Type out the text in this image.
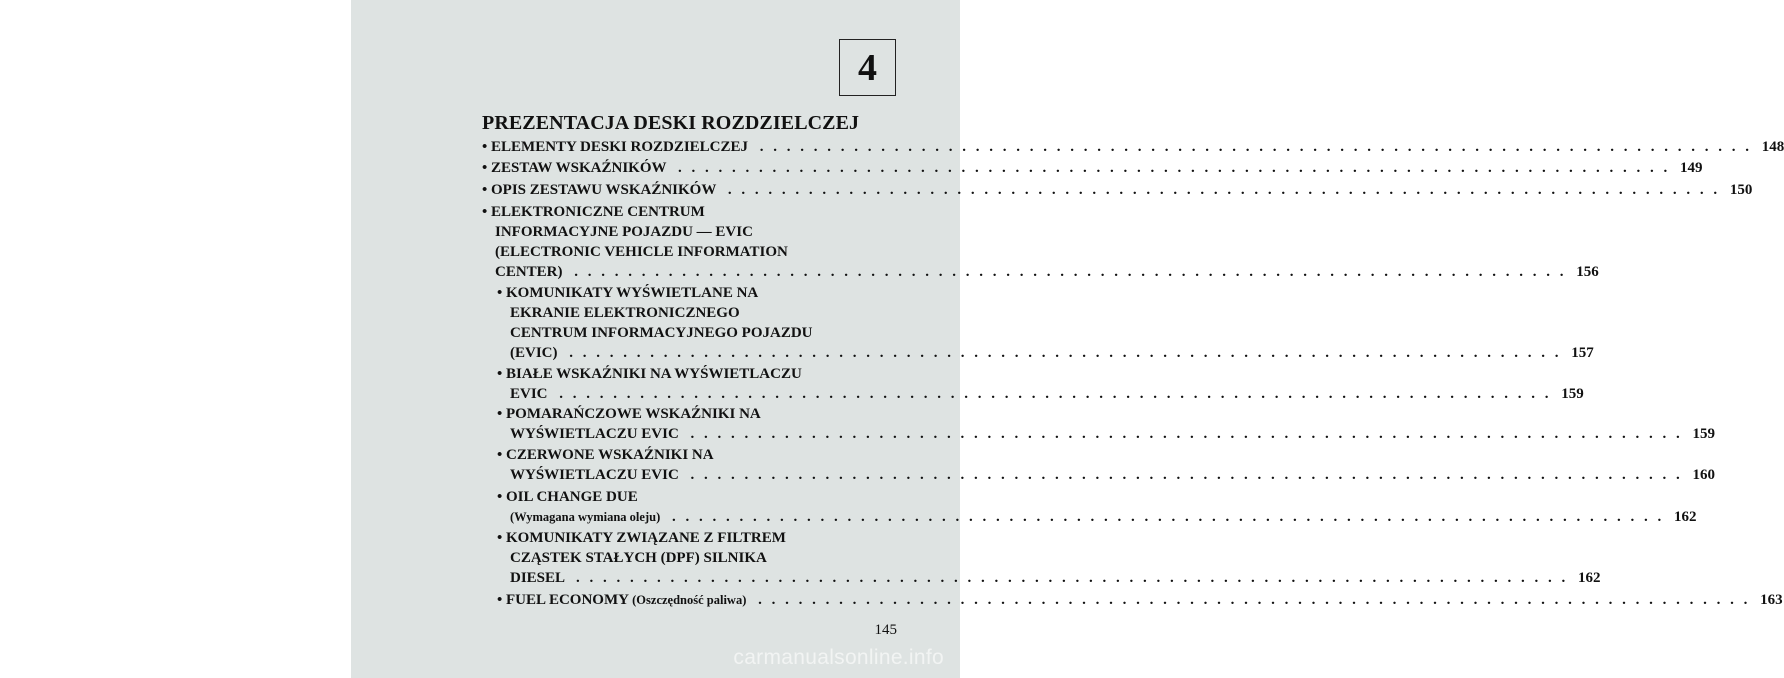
4
PREZENTACJA DESKI ROZDZIELCZEJ
• ELEMENTY DESKI ROZDZIELCZEJ . . . . . . . . . . . . . . . . . . . . . . . . . . . . . . . . . . . . . . . . . . . . . . . . . . . . . . . . . . . . . . . . . . . . . . . . . . 148
• ZESTAW WSKAŹNIKÓW . . . . . . . . . . . . . . . . . . . . . . . . . . . . . . . . . . . . . . . . . . . . . . . . . . . . . . . . . . . . . . . . . . . . . . . . . . 149
• OPIS ZESTAWU WSKAŹNIKÓW . . . . . . . . . . . . . . . . . . . . . . . . . . . . . . . . . . . . . . . . . . . . . . . . . . . . . . . . . . . . . . . . . . . . . . . . . . 150
• ELEKTRONICZNE CENTRUM
INFORMACYJNE POJAZDU — EVIC
(ELECTRONIC VEHICLE INFORMATION
CENTER) . . . . . . . . . . . . . . . . . . . . . . . . . . . . . . . . . . . . . . . . . . . . . . . . . . . . . . . . . . . . . . . . . . . . . . . . . . 156
• KOMUNIKATY WYŚWIETLANE NA
EKRANIE ELEKTRONICZNEGO
CENTRUM INFORMACYJNEGO POJAZDU
(EVIC) . . . . . . . . . . . . . . . . . . . . . . . . . . . . . . . . . . . . . . . . . . . . . . . . . . . . . . . . . . . . . . . . . . . . . . . . . . 157
• BIAŁE WSKAŹNIKI NA WYŚWIETLACZU
EVIC . . . . . . . . . . . . . . . . . . . . . . . . . . . . . . . . . . . . . . . . . . . . . . . . . . . . . . . . . . . . . . . . . . . . . . . . . . 159
• POMARAŃCZOWE WSKAŹNIKI NA
WYŚWIETLACZU EVIC . . . . . . . . . . . . . . . . . . . . . . . . . . . . . . . . . . . . . . . . . . . . . . . . . . . . . . . . . . . . . . . . . . . . . . . . . . 159
• CZERWONE WSKAŹNIKI NA
WYŚWIETLACZU EVIC . . . . . . . . . . . . . . . . . . . . . . . . . . . . . . . . . . . . . . . . . . . . . . . . . . . . . . . . . . . . . . . . . . . . . . . . . . 160
• OIL CHANGE DUE
(Wymagana wymiana oleju) . . . . . . . . . . . . . . . . . . . . . . . . . . . . . . . . . . . . . . . . . . . . . . . . . . . . . . . . . . . . . . . . . . . . . . . . . . 162
• KOMUNIKATY ZWIĄZANE Z FILTREM
CZĄSTEK STAŁYCH (DPF) SILNIKA
DIESEL . . . . . . . . . . . . . . . . . . . . . . . . . . . . . . . . . . . . . . . . . . . . . . . . . . . . . . . . . . . . . . . . . . . . . . . . . . 162
• FUEL ECONOMY (Oszczędność paliwa) . . . . . . . . . . . . . . . . . . . . . . . . . . . . . . . . . . . . . . . . . . . . . . . . . . . . . . . . . . . . . . . . . . . . . . . . . . 163
145
carmanualsonline.info
